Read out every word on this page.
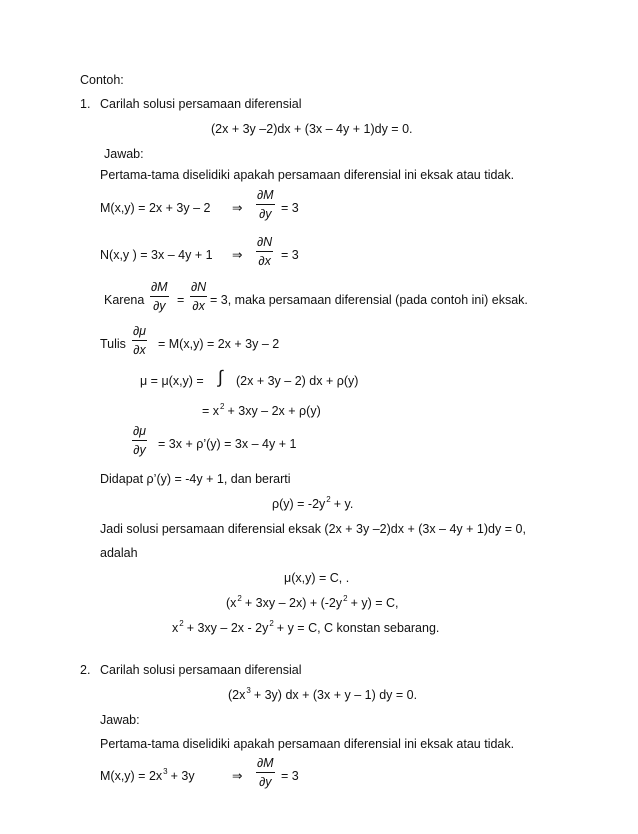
Contoh:
1. Carilah solusi persamaan diferensial
(2x + 3y –2)dx + (3x – 4y + 1)dy = 0.
Jawab:
Pertama-tama diselidiki apakah persamaan diferensial ini eksak atau tidak.
M(x,y) = 2x + 3y – 2 ⇒ $\frac{\partial M}{\partial y} = 3$
N(x,y ) = 3x – 4y + 1 ⇒ $\frac{\partial N}{\partial x} = 3$
Karena $\frac{\partial M}{\partial y} = \frac{\partial N}{\partial x} = 3$, maka persamaan diferensial (pada contoh ini) eksak.
Tulis $\frac{\partial\mu}{\partial x} = M(x,y) = 2x + 3y - 2$
μ = μ(x,y) = ∫ (2x + 3y – 2) dx + ρ(y)
= $x^2 + 3xy - 2x + \rho(y)$
$\frac{\partial\mu}{\partial y} = 3x$ + ρ’(y) = 3x – 4y + 1
Didapat ρ’(y) = -4y + 1, dan berarti
$\rho(y) = -2y^2 + y$.
Jadi solusi persamaan diferensial eksak (2x + 3y –2)dx + (3x – 4y + 1)dy = 0,
adalah
μ(x,y) = C, .
$(x^2 + 3xy - 2x) + (-2y^2 + y) = C$,
$x^2 + 3xy - 2x - 2y^2 + y = C$, C konstan sebarang.
2. Carilah solusi persamaan diferensial
$(2x^3 + 3y)$ dx + (3x + y – 1) dy = 0.
Jawab:
Pertama-tama diselidiki apakah persamaan diferensial ini eksak atau tidak.
$M(x,y) = 2x^3 + 3y$	⇒ $\frac{\partial M}{\partial y} = 3$
